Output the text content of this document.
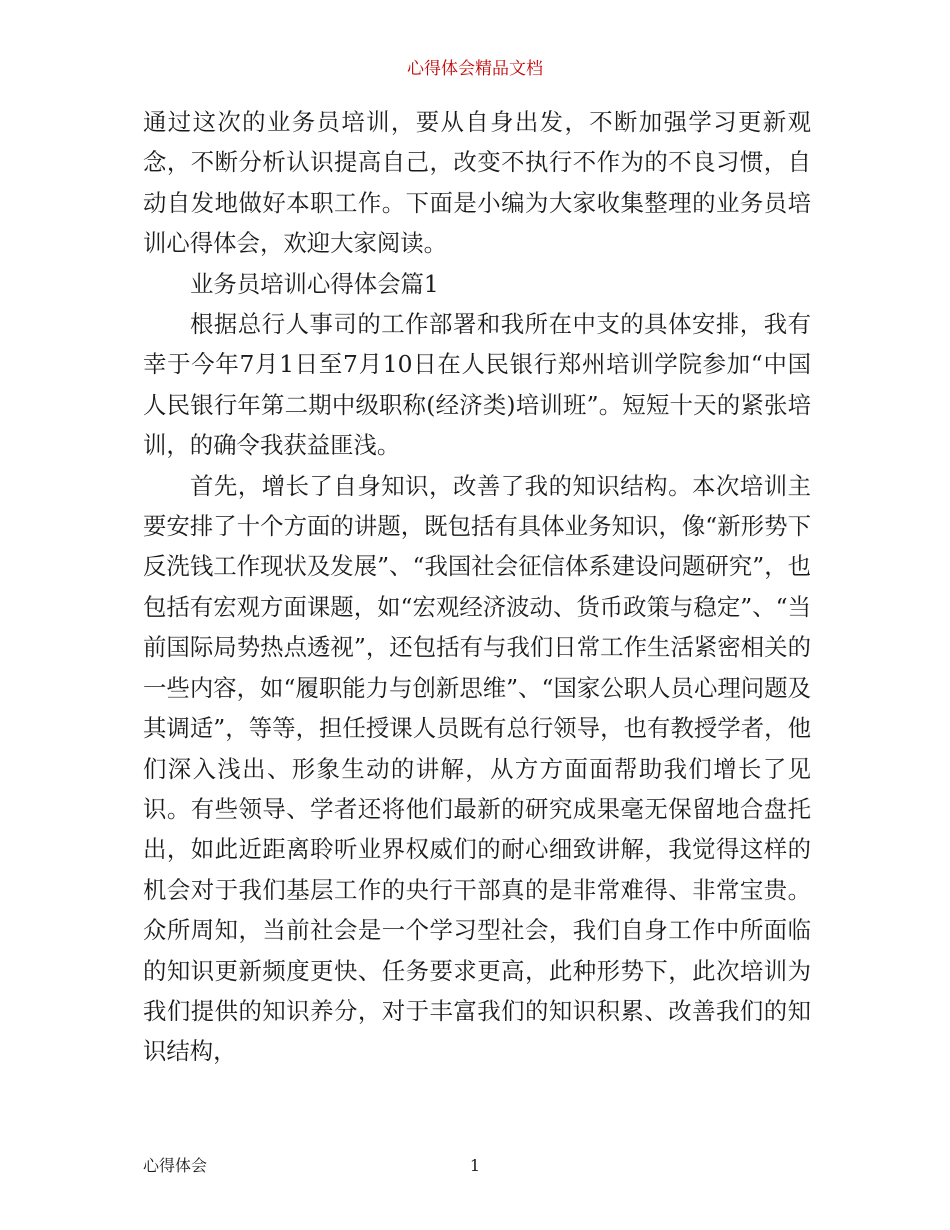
心得体会精品文档

通过这次的业务员培训，要从自身出发，不断加强学习更新观念，不断分析认识提高自己，改变不执行不作为的不良习惯，自动自发地做好本职工作。下面是小编为大家收集整理的业务员培训心得体会，欢迎大家阅读。

业务员培训心得体会篇1

根据总行人事司的工作部署和我所在中支的具体安排，我有幸于今年7月1日至7月10日在人民银行郑州培训学院参加“中国人民银行年第二期中级职称(经济类)培训班”。短短十天的紧张培训，的确令我获益匪浅。

首先，增长了自身知识，改善了我的知识结构。本次培训主要安排了十个方面的讲题，既包括有具体业务知识，像“新形势下反洗钱工作现状及发展”、“我国社会征信体系建设问题研究”，也包括有宏观方面课题，如“宏观经济波动、货币政策与稳定”、“当前国际局势热点透视”，还包括有与我们日常工作生活紧密相关的一些内容，如“履职能力与创新思维”、“国家公职人员心理问题及其调适”，等等，担任授课人员既有总行领导，也有教授学者，他们深入浅出、形象生动的讲解，从方方面面帮助我们增长了见识。有些领导、学者还将他们最新的研究成果毫无保留地合盘托出，如此近距离聆听业界权威们的耐心细致讲解，我觉得这样的机会对于我们基层工作的央行干部真的是非常难得、非常宝贵。众所周知，当前社会是一个学习型社会，我们自身工作中所面临的知识更新频度更快、任务要求更高，此种形势下，此次培训为我们提供的知识养分，对于丰富我们的知识积累、改善我们的知识结构，

心得体会	1
